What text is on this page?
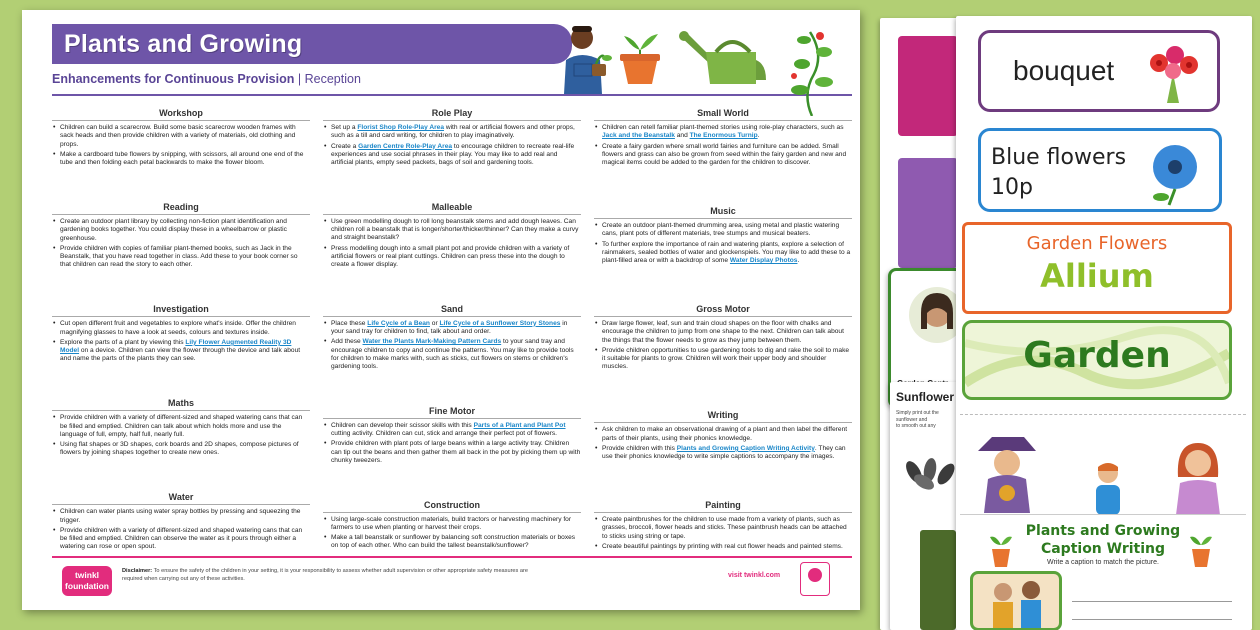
Plants and Growing
Enhancements for Continuous Provision | Reception
Workshop
• Children can build a scarecrow. Build some basic scarecrow wooden frames with sack heads and then provide children with a variety of materials, old clothing and props.
• Make a cardboard tube flowers by snipping, with scissors, all around one end of the tube and then folding each petal backwards to make the flower bloom.
Reading
• Create an outdoor plant library by collecting non-fiction plant identification and gardening books together. You could display these in a wheelbarrow or plastic greenhouse.
• Provide children with copies of familiar plant-themed books, such as Jack in the Beanstalk, that you have read together in class. Add these to your book corner so that children can read the story to each other.
Investigation
• Cut open different fruit and vegetables to explore what's inside. Offer the children magnifying glasses to have a look at seeds, colours and textures inside.
• Explore the parts of a plant by viewing this Lily Flower Augmented Reality 3D Model on a device. Children can view the flower through the device and talk about and name the parts of the plants they can see.
Maths
• Provide children with a variety of different-sized and shaped watering cans that can be filled and emptied. Children can talk about which holds more and use the language of full, empty, half full, nearly full.
• Using flat shapes or 3D shapes, cork boards and 2D shapes, compose pictures of flowers by joining shapes together to create new ones.
Water
• Children can water plants using water spray bottles by pressing and squeezing the trigger.
• Provide children with a variety of different-sized and shaped watering cans that can be filled and emptied. Children can observe the water as it pours through either a watering can rose or open spout.
Role Play
• Set up a Florist Shop Role-Play Area with real or artificial flowers and other props, such as a till and card writing, for children to play imaginatively.
• Create a Garden Centre Role-Play Area to encourage children to recreate real-life experiences and use social phrases in their play. You may like to add real and artificial plants, empty seed packets, bags of soil and gardening tools.
Malleable
• Use green modelling dough to roll long beanstalk stems and add dough leaves. Can children roll a beanstalk that is longer/shorter/thicker/thinner? Can they make a curvy and straight beanstalk?
• Press modelling dough into a small plant pot and provide children with a variety of artificial flowers or real plant cuttings. Children can press these into the dough to create a flower display.
Sand
• Place these Life Cycle of a Bean or Life Cycle of a Sunflower Story Stones in your sand tray for children to find, talk about and order.
• Add these Water the Plants Mark-Making Pattern Cards to your sand tray and encourage children to copy and continue the patterns. You may like to provide tools for children to make marks with, such as sticks, cut flowers on stems or children's gardening tools.
Fine Motor
• Children can develop their scissor skills with this Parts of a Plant and Plant Pot cutting activity. Children can cut, stick and arrange their perfect pot of flowers.
• Provide children with plant pots of large beans within a large activity tray. Children can tip out the beans and then gather them all back in the pot by picking them up with chunky tweezers.
Construction
• Using large-scale construction materials, build tractors or harvesting machinery for farmers to use when planting or harvest their crops.
• Make a tall beanstalk or sunflower by balancing soft construction materials or boxes on top of each other. Who can build the tallest beanstalk/sunflower?
Small World
• Children can retell familiar plant-themed stories using role-play characters, such as Jack and the Beanstalk and The Enormous Turnip.
• Create a fairy garden where small world fairies and furniture can be added. Small flowers and grass can also be grown from seed within the fairy garden and new and magical items could be added to the garden for the children to discover.
Music
• Create an outdoor plant-themed drumming area, using metal and plastic watering cans, plant pots of different materials, tree stumps and musical beaters.
• To further explore the importance of rain and watering plants, explore a selection of rainmakers, sealed bottles of water and glockenspiels. You may like to add these to a plant-filled area or with a backdrop of some Water Display Photos.
Gross Motor
• Draw large flower, leaf, sun and train cloud shapes on the floor with chalks and encourage the children to jump from one shape to the next. Children can talk about the things that the flower needs to grow as they jump between them.
• Provide children opportunities to use gardening tools to dig and rake the soil to make it suitable for plants to grow. Children will work their upper body and shoulder muscles.
Writing
• Ask children to make an observational drawing of a plant and then label the different parts of their plants, using their phonics knowledge.
• Provide children with this Plants and Growing Caption Writing Activity. They can use their phonics knowledge to write simple captions to accompany the images.
Painting
• Create paintbrushes for the children to use made from a variety of plants, such as grasses, broccoli, flower heads and sticks. These paintbrush heads can be attached to sticks using string or tape.
• Create beautiful paintings by printing with real cut flower heads and painted stems.
twinkl
foundation
Disclaimer: To ensure the safety of the children in your setting, it is your responsibility to assess whether adult supervision or other appropriate safety measures are required when carrying out any of these activities.	visit twinkl.com
Sunflower
Simply print out the
sunflower and
to smooth out any
bouquet
Blue flowers
10p
Garden Flowers
Allium
Garden
Plants and Growing
Caption Writing
Write a caption to match the picture.
